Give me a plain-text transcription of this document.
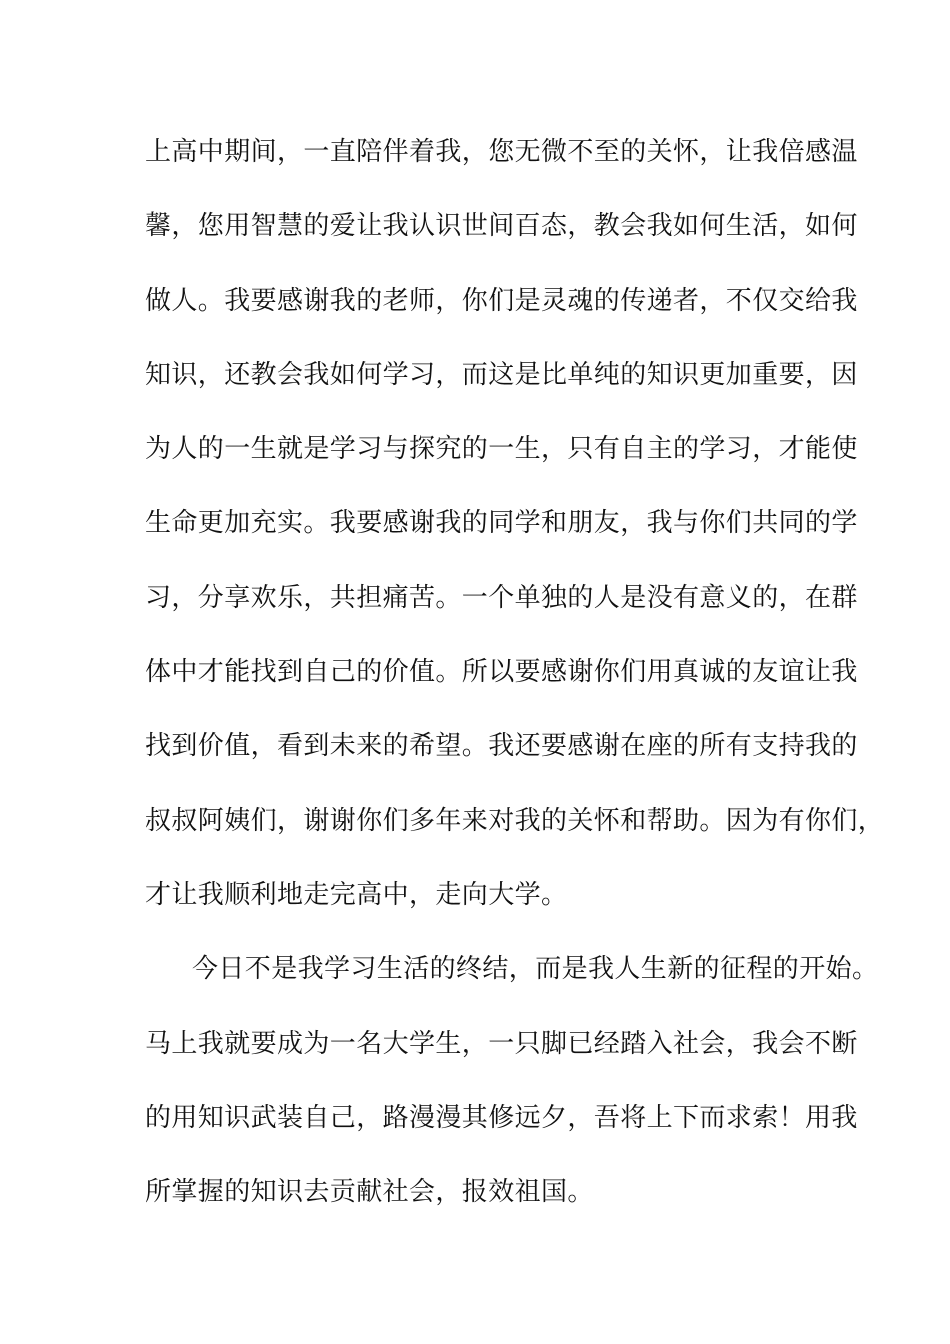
上高中期间，一直陪伴着我，您无微不至的关怀，让我倍感温
馨，您用智慧的爱让我认识世间百态，教会我如何生活，如何
做人。我要感谢我的老师，你们是灵魂的传递者，不仅交给我
知识，还教会我如何学习，而这是比单纯的知识更加重要，因
为人的一生就是学习与探究的一生，只有自主的学习，才能使
生命更加充实。我要感谢我的同学和朋友，我与你们共同的学
习，分享欢乐，共担痛苦。一个单独的人是没有意义的，在群
体中才能找到自己的价值。所以要感谢你们用真诚的友谊让我
找到价值，看到未来的希望。我还要感谢在座的所有支持我的
叔叔阿姨们，谢谢你们多年来对我的关怀和帮助。因为有你们，
才让我顺利地走完高中，走向大学。
今日不是我学习生活的终结，而是我人生新的征程的开始。
马上我就要成为一名大学生，一只脚已经踏入社会，我会不断
的用知识武装自己，路漫漫其修远夕，吾将上下而求索！用我
所掌握的知识去贡献社会，报效祖国。
